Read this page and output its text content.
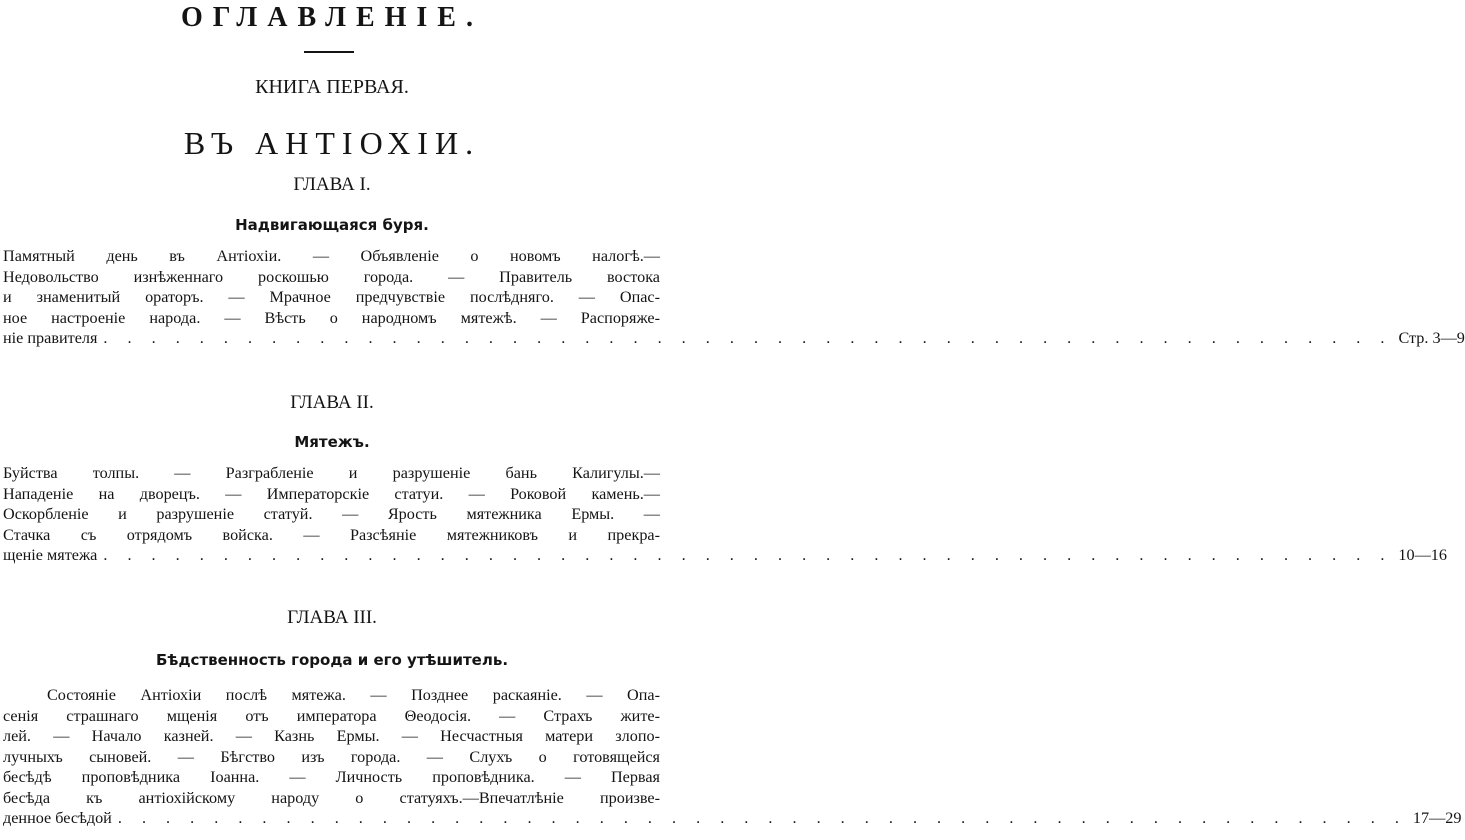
ОГЛАВЛЕНІЕ.
КНИГА ПЕРВАЯ.
ВЪ АНТІОХІИ.
ГЛАВА I.
Надвигающаяся буря.
Памятный день въ Антіохіи. — Объявленіе о новомъ налогѣ.—
Недовольство изнѣженнаго роскошью города. — Правитель востока
и знаменитый ораторъ. — Мрачное предчувствіе послѣдняго. — Опас-
ное настроеніе народа. — Вѣсть о народномъ мятежѣ. — Распоряже-
ніе правителя . . . . . . . . . . . . . . . . . . . . . . . . . . . . . . . . . . . . . . . . . . . . . . . . . . . . . . Стр. 3—9
ГЛАВА II.
Мятежъ.
Буйства толпы. — Разграбленіе и разрушеніе бань Калигулы.—
Нападеніе на дворецъ. — Императорскіе статуи. — Роковой камень.—
Оскорбленіе и разрушеніе статуй. — Ярость мятежника Ермы. —
Стачка съ отрядомъ войска. — Разсѣяніе мятежниковъ и прекра-
щеніе мятежа . . . . . . . . . . . . . . . . . . . . . . . . . . . . . . . . . . . . . . . . . . . . . . . . . . . . . . 10—16
ГЛАВА III.
Бѣдственность города и его утѣшитель.
Состояніе Антіохіи послѣ мятежа. — Позднее раскаяніе. — Опа-
сенія страшнаго мщенія отъ императора Θеодосія. — Страхъ жите-
лей. — Начало казней. — Казнь Ермы. — Несчастныя матери злопо-
лучныхъ сыновей. — Бѣгство изъ города. — Слухъ о готовящейся
бесѣдѣ проповѣдника Іоанна. — Личность проповѣдника. — Первая
бесѣда къ антіохійскому народу о статуяхъ.—Впечатлѣніе произве-
денное бесѣдой . . . . . . . . . . . . . . . . . . . . . . . . . . . . . . . . . . . . . . . . . . . . . . . . . . . . . . 17—29
